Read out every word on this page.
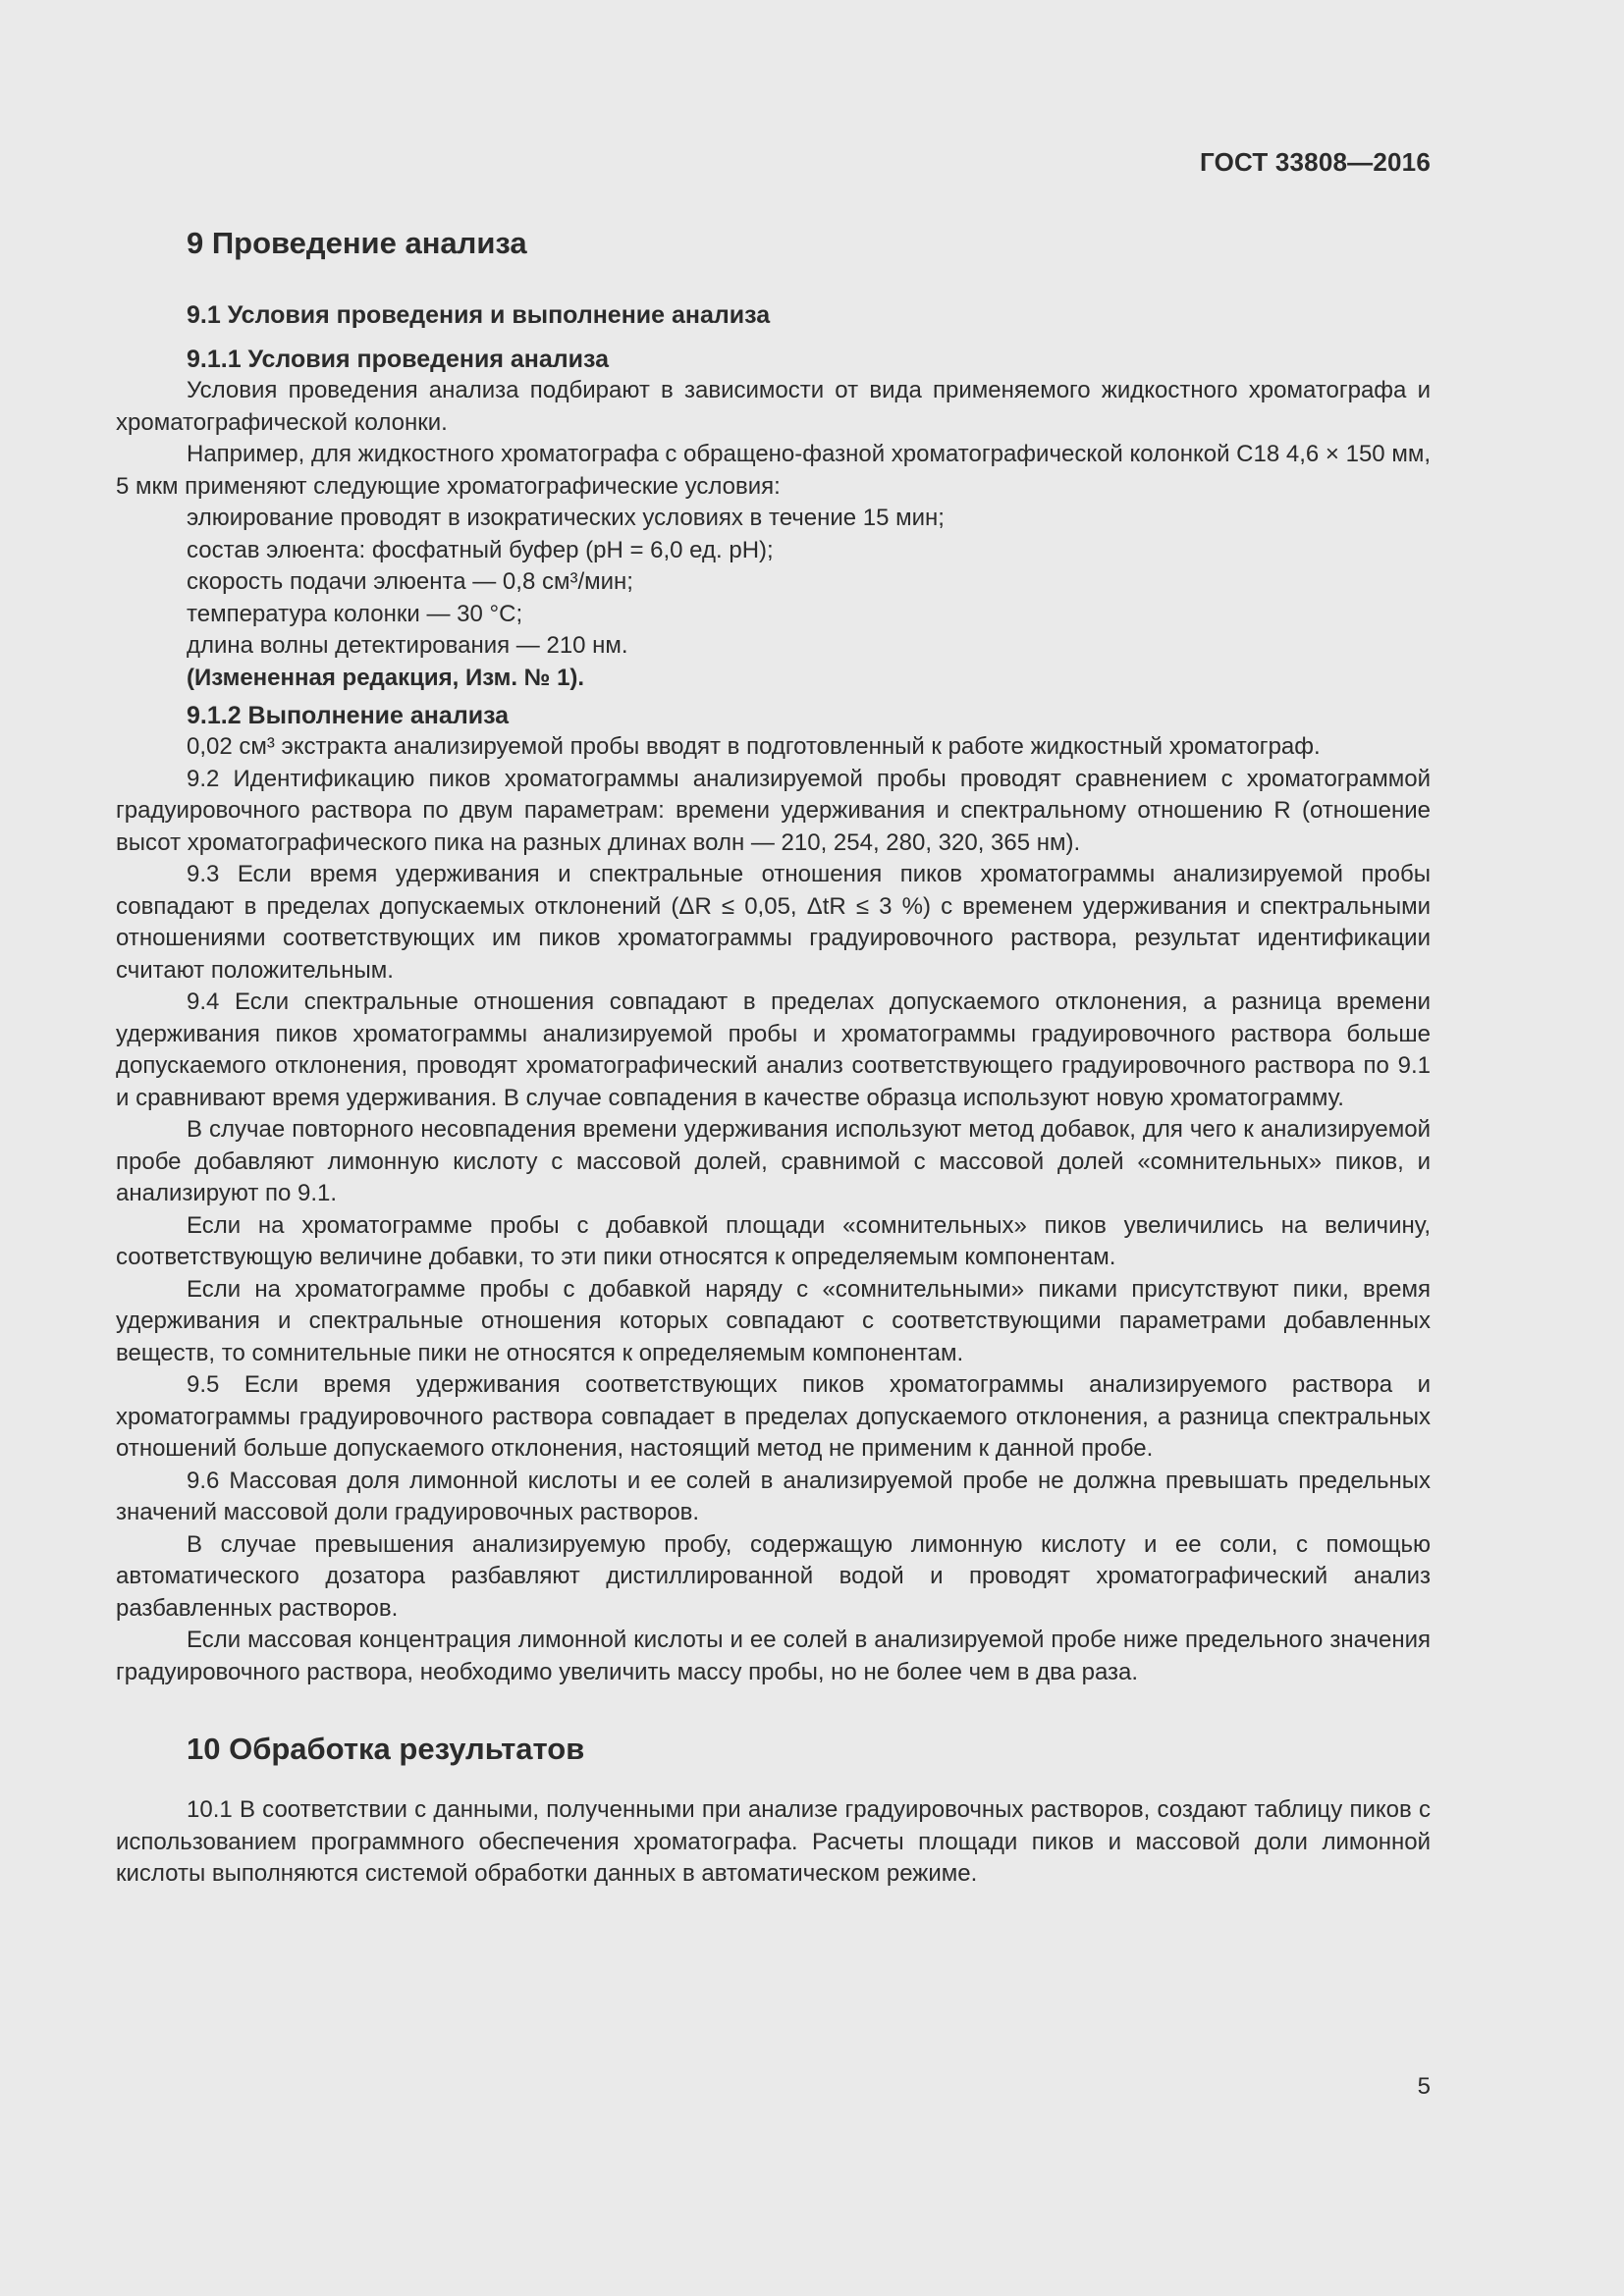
ГОСТ 33808—2016
9 Проведение анализа
9.1 Условия проведения и выполнение анализа
9.1.1 Условия проведения анализа

Условия проведения анализа подбирают в зависимости от вида применяемого жидкостного хроматографа и хроматографической колонки.

Например, для жидкостного хроматографа с обращено-фазной хроматографической колонкой С18 4,6 × 150 мм, 5 мкм применяют следующие хроматографические условия:

элюирование проводят в изократических условиях в течение 15 мин;

состав элюента: фосфатный буфер (рН = 6,0 ед. рН);

скорость подачи элюента — 0,8 см³/мин;

температура колонки — 30 °С;

длина волны детектирования — 210 нм.

(Измененная редакция, Изм. № 1).

9.1.2 Выполнение анализа

0,02 см³ экстракта анализируемой пробы вводят в подготовленный к работе жидкостный хроматограф.

9.2 Идентификацию пиков хроматограммы анализируемой пробы проводят сравнением с хроматограммой градуировочного раствора по двум параметрам: времени удерживания и спектральному отношению R (отношение высот хроматографического пика на разных длинах волн — 210, 254, 280, 320, 365 нм).

9.3 Если время удерживания и спектральные отношения пиков хроматограммы анализируемой пробы совпадают в пределах допускаемых отклонений (ΔR ≤ 0,05, ΔtR ≤ 3 %) с временем удерживания и спектральными отношениями соответствующих им пиков хроматограммы градуировочного раствора, результат идентификации считают положительным.

9.4 Если спектральные отношения совпадают в пределах допускаемого отклонения, а разница времени удерживания пиков хроматограммы анализируемой пробы и хроматограммы градуировочного раствора больше допускаемого отклонения, проводят хроматографический анализ соответствующего градуировочного раствора по 9.1 и сравнивают время удерживания. В случае совпадения в качестве образца используют новую хроматограмму.

В случае повторного несовпадения времени удерживания используют метод добавок, для чего к анализируемой пробе добавляют лимонную кислоту с массовой долей, сравнимой с массовой долей «сомнительных» пиков, и анализируют по 9.1.

Если на хроматограмме пробы с добавкой площади «сомнительных» пиков увеличились на величину, соответствующую величине добавки, то эти пики относятся к определяемым компонентам.

Если на хроматограмме пробы с добавкой наряду с «сомнительными» пиками присутствуют пики, время удерживания и спектральные отношения которых совпадают с соответствующими параметрами добавленных веществ, то сомнительные пики не относятся к определяемым компонентам.

9.5 Если время удерживания соответствующих пиков хроматограммы анализируемого раствора и хроматограммы градуировочного раствора совпадает в пределах допускаемого отклонения, а разница спектральных отношений больше допускаемого отклонения, настоящий метод не применим к данной пробе.

9.6 Массовая доля лимонной кислоты и ее солей в анализируемой пробе не должна превышать предельных значений массовой доли градуировочных растворов.

В случае превышения анализируемую пробу, содержащую лимонную кислоту и ее соли, с помощью автоматического дозатора разбавляют дистиллированной водой и проводят хроматографический анализ разбавленных растворов.

Если массовая концентрация лимонной кислоты и ее солей в анализируемой пробе ниже предельного значения градуировочного раствора, необходимо увеличить массу пробы, но не более чем в два раза.

10 Обработка результатов

10.1 В соответствии с данными, полученными при анализе градуировочных растворов, создают таблицу пиков с использованием программного обеспечения хроматографа. Расчеты площади пиков и массовой доли лимонной кислоты выполняются системой обработки данных в автоматическом режиме.

5
